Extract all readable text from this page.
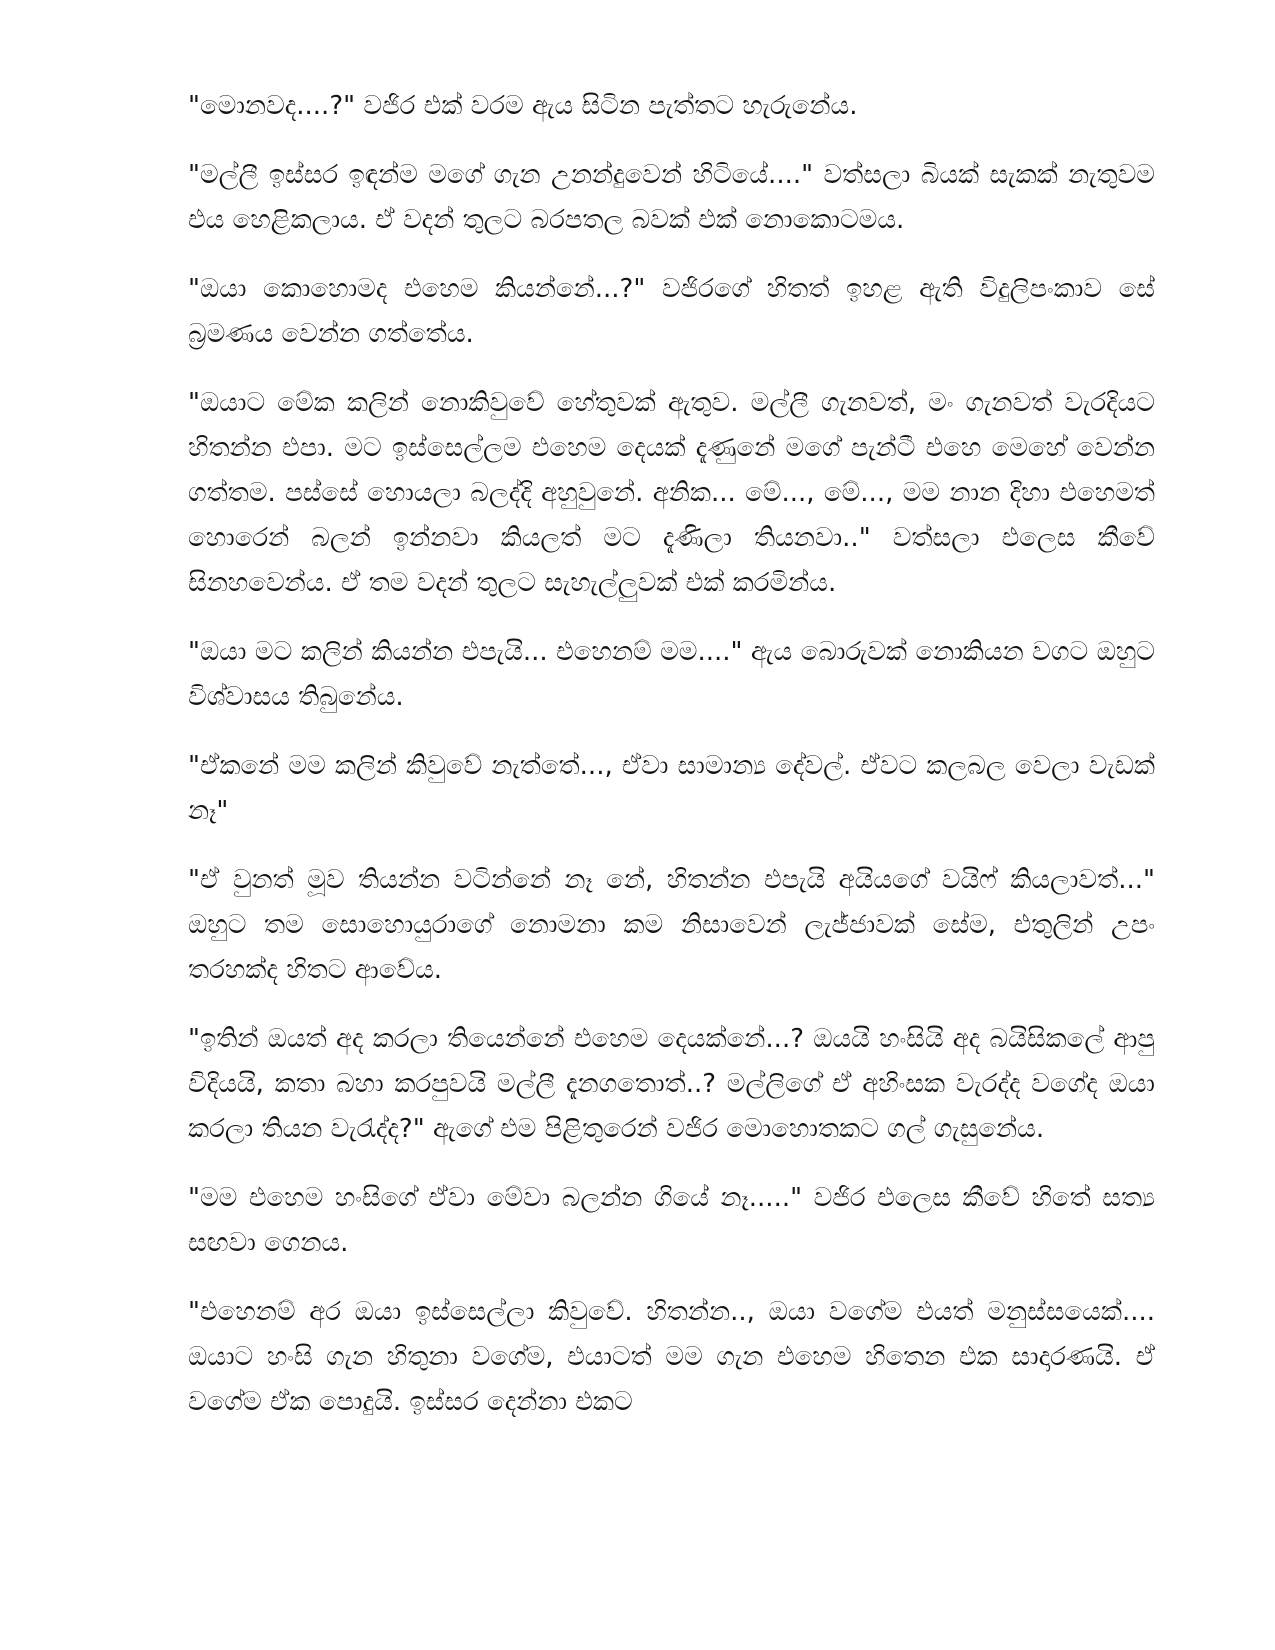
"මොනවද....?" වජිර එක් වරම ඇය සිටින පැත්තට හැරුනේය.

"මල්ලී ඉස්සර ඉඳන්ම මගේ ගැන උනන්දුවෙන් හිටියේ...." වත්සලා බියක් සැකක් නැතුවම එය හෙළිකලාය. ඒ වදන් තුලට බරපතල බවක් එක් නොකොටමය.

"ඔයා කොහොමද එහෙම කියන්නේ...?" වජිරගේ හිතත් ඉහළ ඇති විදුලිපංකාව සේ බ්‍රමණය වෙන්න ගත්තේය.

"ඔයාට මේක කලින් නොකිවුවේ හේතුවක් ඇතුව. මල්ලී ගැනවත්, මං ගැනවත් වැරදියට හිතන්න එපා. මට ඉස්සෙල්ලම එහෙම දෙයක් දැණුනේ මගේ පැන්ටී එහෙ මෙහේ වෙන්න ගත්තම. පස්සේ හොයලා බලද්දි අහුවුනේ. අනික... මේ..., මේ..., මම නාන දිහා එහෙමත් හොරෙන් බලන් ඉන්නවා කියලත් මට දැණිලා තියනවා.." වත්සලා එලෙස කීවේ සිනහවෙන්ය. ඒ තම වදන් තුලට සැහැල්ලුවක් එක් කරමින්ය.

"ඔයා මට කලින් කියන්න එපැයි... එහෙනම් මම...." ඇය බොරුවක් නොකියන වගට ඔහුට විශ්වාසය තිබුනේය.

"ඒකනේ මම කලින් කිවුවේ නැත්තේ..., ඒවා සාමාන්‍ය දේවල්. ඒවට කලබල වෙලා වැඩක් නෑ"

"ඒ වුනත් මූව තියන්න වටින්නේ නෑ නේ, හිතන්න එපැයි අයියගේ වයිෆ් කියලාවත්..." ඔහුට තම සොහොයුරාගේ නොමනා කම නිසාවෙන් ලැජ්ජාවක් සේම, එතුලින් උපං තරහක්ද හිතට ආවේය.

"ඉතින් ඔයත් අද කරලා තියෙන්නේ එහෙම දෙයක්නේ...? ඔයයි හංසියි අද බයිසිකලේ ආපු විදියයි, කතා බහා කරපුවයි මල්ලී දැනගතොත්..? මල්ලිගේ ඒ අහිංසක වැරද්ද වගේද ඔයා කරලා තියන වැරැද්ද?" ඇගේ එම පිළිතුරෙන් වජිර මොහොතකට ගල් ගැසුනේය.

"මම එහෙම හංසිගේ ඒවා මේවා බලන්න ගියේ නෑ....." වජිර එලෙස කීවේ හිතේ සත්‍ය සඟවා ගෙනය.

"එහෙනම් අර ඔයා ඉස්සෙල්ලා කිවුවේ. හිතන්න.., ඔයා වගේම එයත් මනුස්සයෙක්.... ඔයාට හංසි ගැන හිතුනා වගේම, එයාටත් මම ගැන එහෙම හිතෙන එක සාදාරණයි. ඒ වගේම ඒක පොදුයි. ඉස්සර දෙන්නා එකට
